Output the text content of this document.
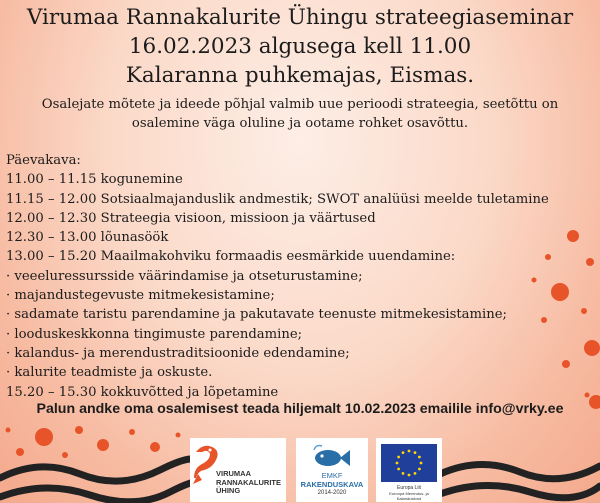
Virumaa Rannakalurite Ühingu strateegiaseminar
16.02.2023 algusega kell 11.00
Kalaranna puhkemajas, Eismas.
Osalejate mõtete ja ideede põhjal valmib uue perioodi strateegia, seetõttu on
osalemine väga oluline ja ootame rohket osavõttu.
Päevakava:
11.00 – 11.15 kogunemine
11.15 – 12.00 Sotsiaalmajanduslik andmestik; SWOT analüüsi meelde tuletamine
12.00 – 12.30 Strateegia visioon, missioon ja väärtused
12.30 – 13.00 lõunasöök
13.00 – 15.20 Maailmakohviku formaadis eesmärkide uuendamine:
· veeeluressursside väärindamise ja otseturustamine;
· majandustegevuste mitmekesistamine;
· sadamate taristu parendamine ja pakutavate teenuste mitmekesistamine;
· looduskeskkonna tingimuste parendamine;
· kalandus- ja merendustraditsioonide edendamine;
· kalurite teadmiste ja oskuste.
15.20 – 15.30 kokkuvõtted ja lõpetamine
Palun andke oma osalemisest teada hiljemalt 10.02.2023 emailile info@vrky.ee
VIRUMAA
RANNAKALURITE
ÜHING
EMKF
RAKENDUSKAVA
2014-2020
Europa Liit
Euroopa Merendus- ja Kalandusfond
